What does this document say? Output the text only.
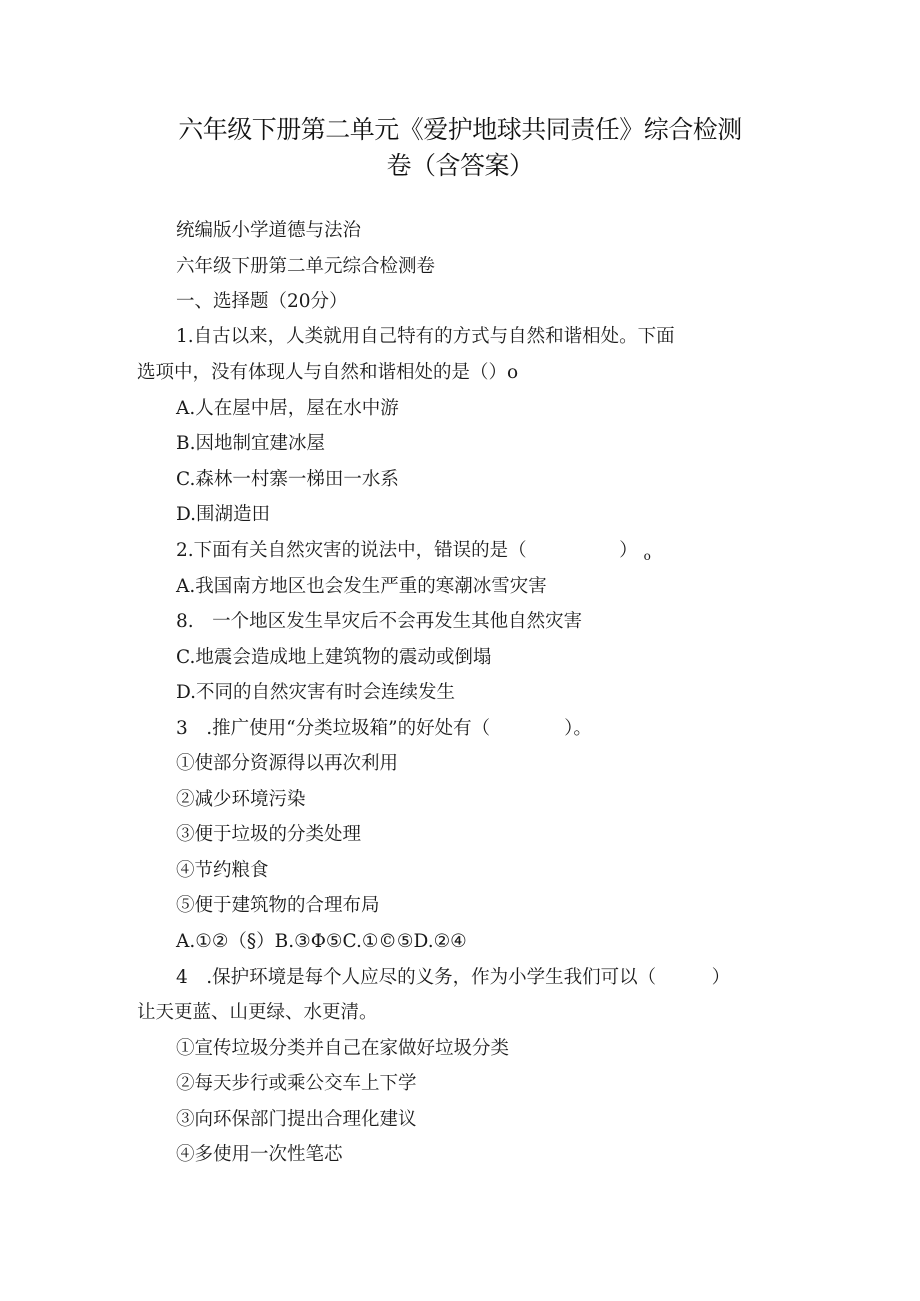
六年级下册第二单元《爱护地球共同责任》综合检测
卷（含答案）
统编版小学道德与法治
六年级下册第二单元综合检测卷
一、选择题（20分）
1.自古以来，人类就用自己特有的方式与自然和谐相处。下面
选项中，没有体现人与自然和谐相处的是（）o
A.人在屋中居，屋在水中游
B.因地制宜建冰屋
C.森林一村寨一梯田一水系
D.围湖造田
2.下面有关自然灾害的说法中，错误的是（　　　　　） $_o$
A.我国南方地区也会发生严重的寒潮冰雪灾害
8.　一个地区发生旱灾后不会再发生其他自然灾害
C.地震会造成地上建筑物的震动或倒塌
D.不同的自然灾害有时会连续发生
3　.推广使用“分类垃圾箱”的好处有（　　　　）。
①使部分资源得以再次利用
②减少环境污染
③便于垃圾的分类处理
④节约粮食
⑤便于建筑物的合理布局
A.①②（§）B.③Φ⑤C.①©⑤D.②④
4　.保护环境是每个人应尽的义务，作为小学生我们可以（　　　）
让天更蓝、山更绿、水更清。
①宣传垃圾分类并自己在家做好垃圾分类
②每天步行或乘公交车上下学
③向环保部门提出合理化建议
④多使用一次性笔芯
